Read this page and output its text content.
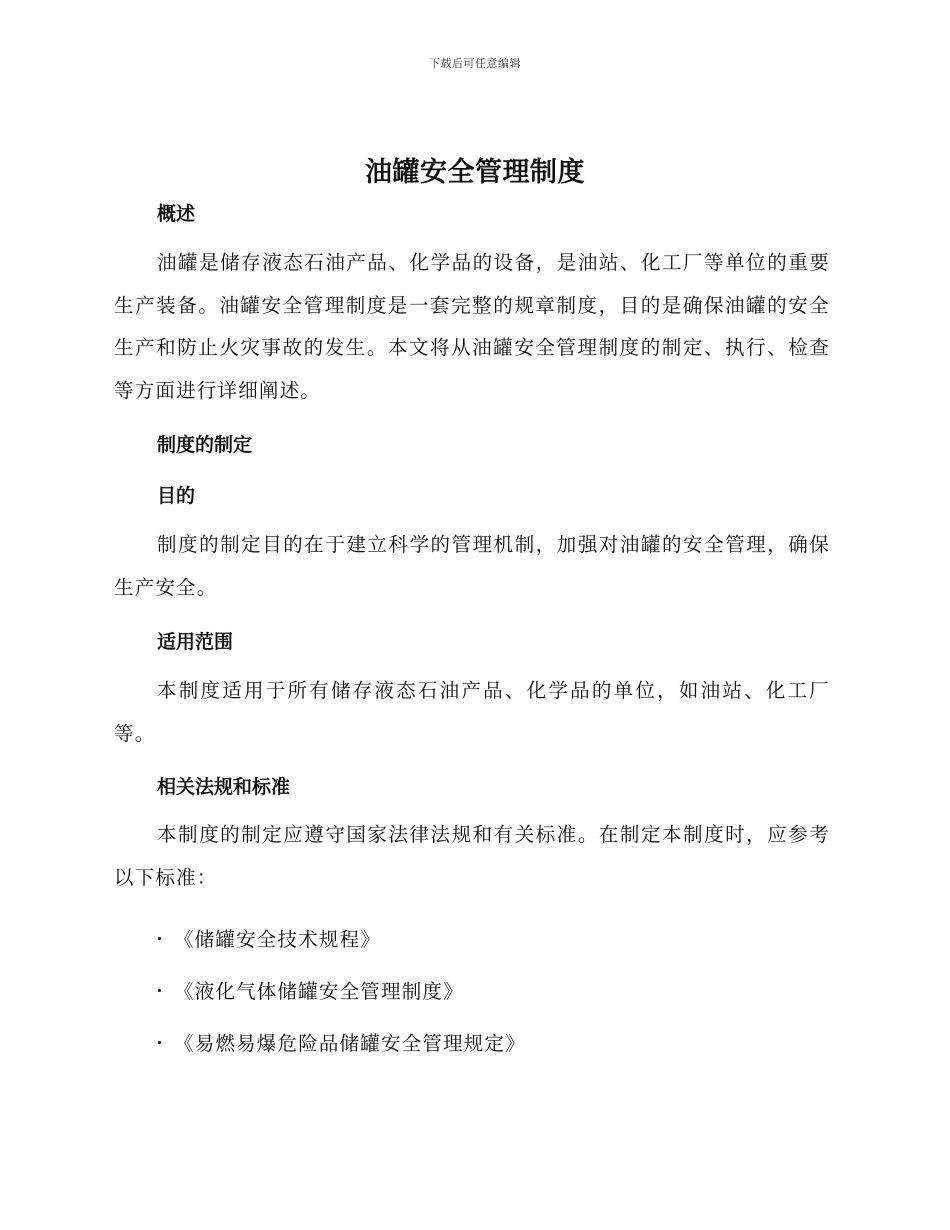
下载后可任意编辑
油罐安全管理制度
概述

油罐是储存液态石油产品、化学品的设备，是油站、化工厂等单位的重要生产装备。油罐安全管理制度是一套完整的规章制度，目的是确保油罐的安全生产和防止火灾事故的发生。本文将从油罐安全管理制度的制定、执行、检查等方面进行详细阐述。

制度的制定
目的

制度的制定目的在于建立科学的管理机制，加强对油罐的安全管理，确保生产安全。

适用范围

本制度适用于所有储存液态石油产品、化学品的单位，如油站、化工厂等。

相关法规和标准

本制度的制定应遵守国家法律法规和有关标准。在制定本制度时，应参考以下标准：

《储罐安全技术规程》
《液化气体储罐安全管理制度》
《易燃易爆危险品储罐安全管理规定》
